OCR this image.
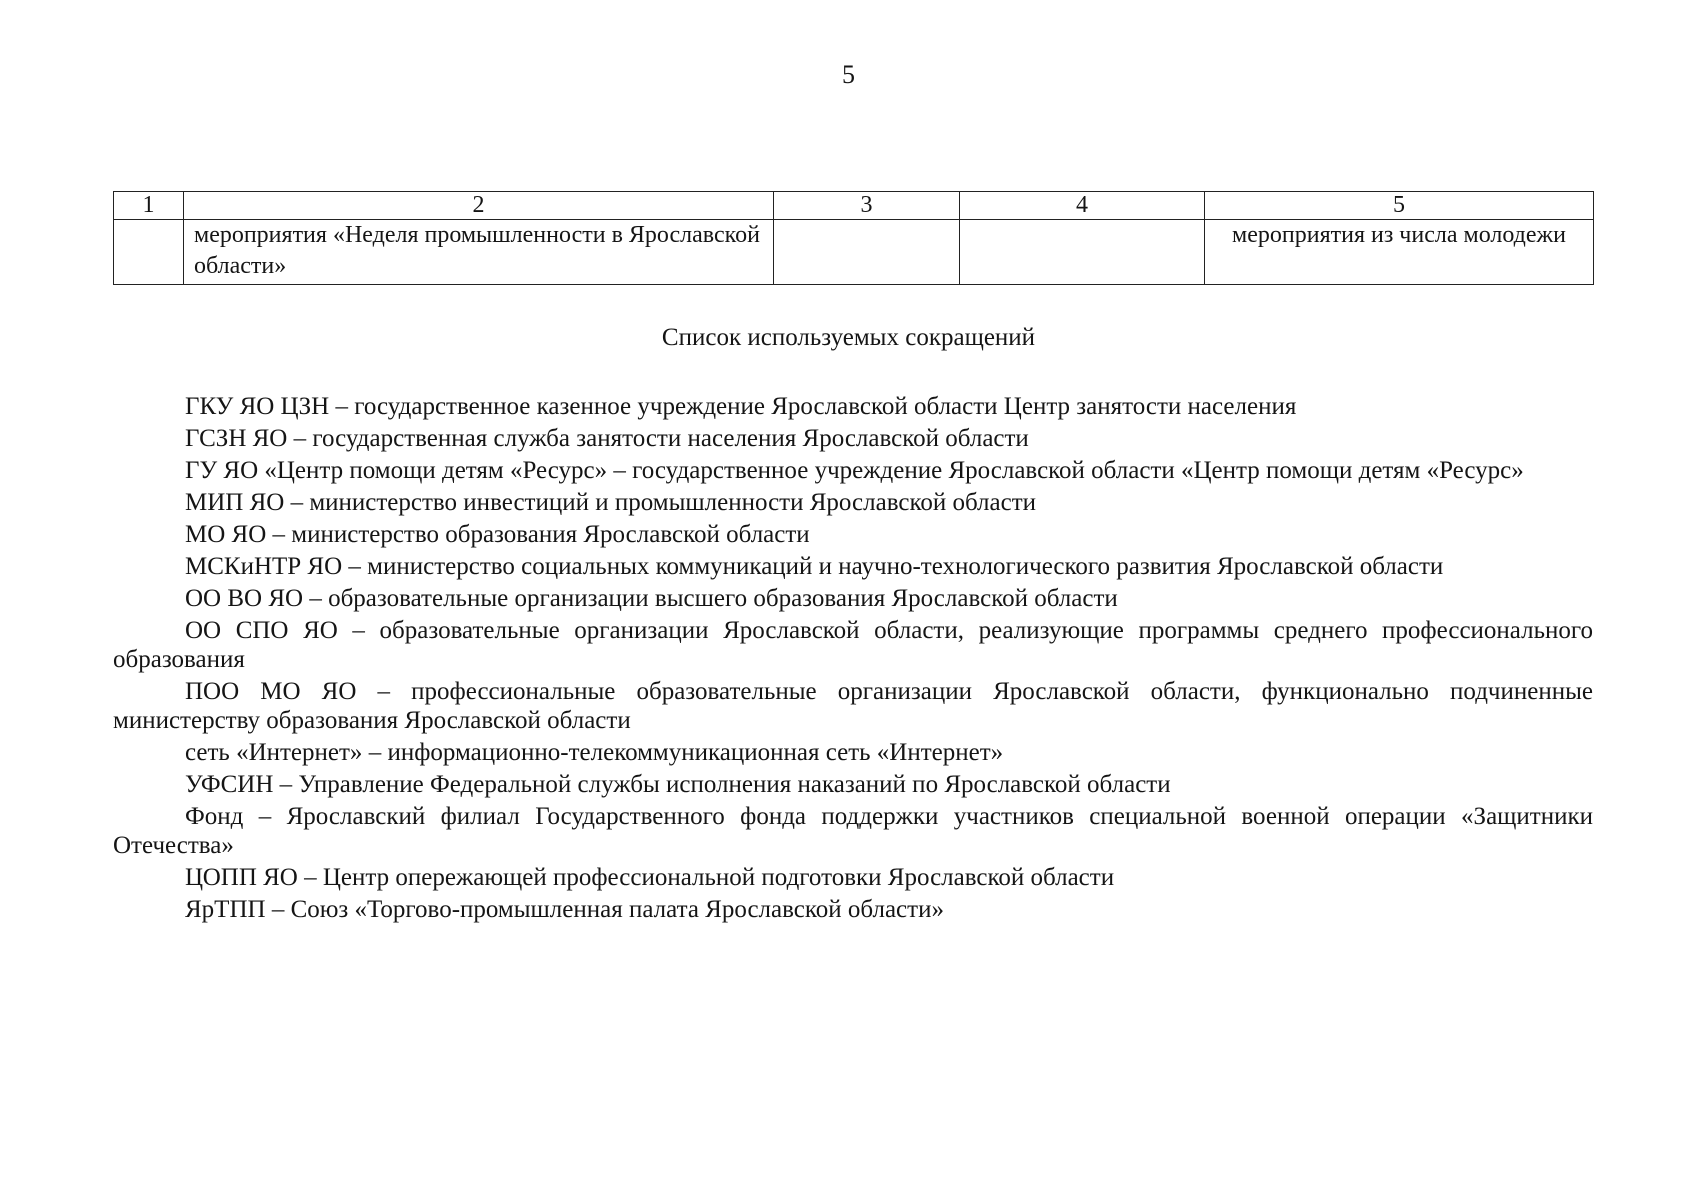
5
1	2	3	4	5
	мероприятия «Неделя промышленности в Ярославской области»			мероприятия из числа молодежи
Список используемых сокращений

ГКУ ЯО ЦЗН – государственное казенное учреждение Ярославской области Центр занятости населения

ГСЗН ЯО – государственная служба занятости населения Ярославской области

ГУ ЯО «Центр помощи детям «Ресурс» – государственное учреждение Ярославской области «Центр помощи детям «Ресурс»

МИП ЯО – министерство инвестиций и промышленности Ярославской области

МО ЯО – министерство образования Ярославской области

МСКиНТР ЯО – министерство социальных коммуникаций и научно-технологического развития Ярославской области

ОО ВО ЯО – образовательные организации высшего образования Ярославской области

ОО СПО ЯО – образовательные организации Ярославской области, реализующие программы среднего профессионального образования

ПОО МО ЯО – профессиональные образовательные организации Ярославской области, функционально подчиненные министерству образования Ярославской области

сеть «Интернет» – информационно-телекоммуникационная сеть «Интернет»

УФСИН – Управление Федеральной службы исполнения наказаний по Ярославской области

Фонд – Ярославский филиал Государственного фонда поддержки участников специальной военной операции «Защитники Отечества»

ЦОПП ЯО – Центр опережающей профессиональной подготовки Ярославской области

ЯрТПП – Союз «Торгово-промышленная палата Ярославской области»
